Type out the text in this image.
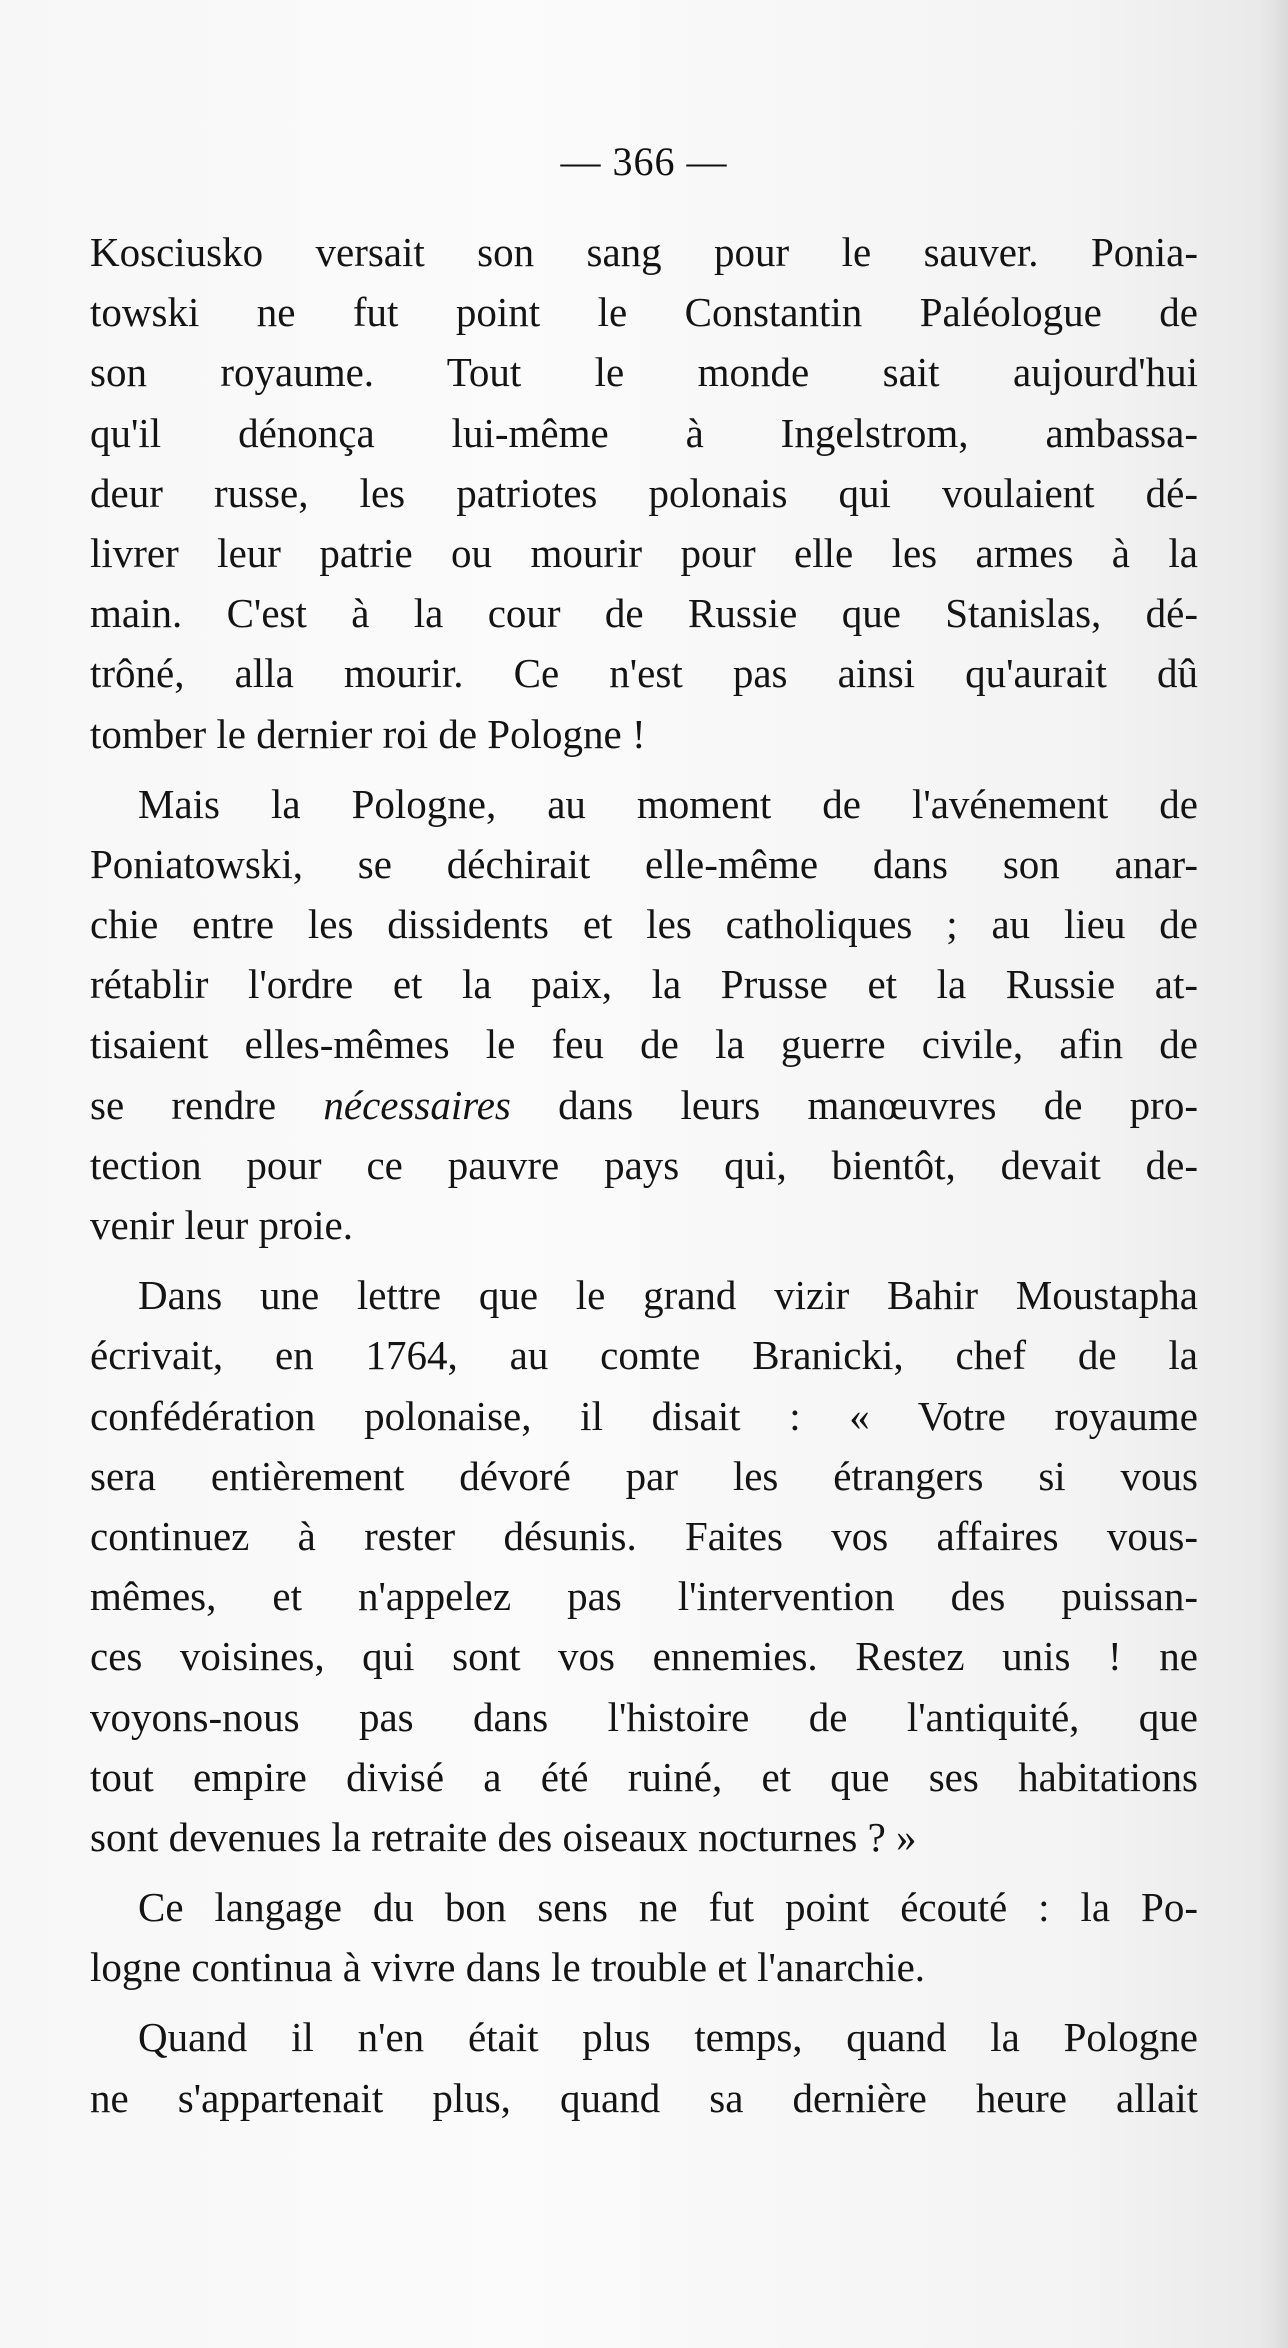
— 366 —
Kosciusko versait son sang pour le sauver. Ponia-
towski ne fut point le Constantin Paléologue de
son royaume. Tout le monde sait aujourd'hui
qu'il dénonça lui-même à Ingelstrom, ambassa-
deur russe, les patriotes polonais qui voulaient dé-
livrer leur patrie ou mourir pour elle les armes à la
main. C'est à la cour de Russie que Stanislas, dé-
trôné, alla mourir. Ce n'est pas ainsi qu'aurait dû
tomber le dernier roi de Pologne !
Mais la Pologne, au moment de l'avénement de
Poniatowski, se déchirait elle-même dans son anar-
chie entre les dissidents et les catholiques ; au lieu de
rétablir l'ordre et la paix, la Prusse et la Russie at-
tisaient elles-mêmes le feu de la guerre civile, afin de
se rendre nécessaires dans leurs manœuvres de pro-
tection pour ce pauvre pays qui, bientôt, devait de-
venir leur proie.
Dans une lettre que le grand vizir Bahir Moustapha
écrivait, en 1764, au comte Branicki, chef de la
confédération polonaise, il disait : « Votre royaume
sera entièrement dévoré par les étrangers si vous
continuez à rester désunis. Faites vos affaires vous-
mêmes, et n'appelez pas l'intervention des puissan-
ces voisines, qui sont vos ennemies. Restez unis ! ne
voyons-nous pas dans l'histoire de l'antiquité, que
tout empire divisé a été ruiné, et que ses habitations
sont devenues la retraite des oiseaux nocturnes ? »
Ce langage du bon sens ne fut point écouté : la Po-
logne continua à vivre dans le trouble et l'anarchie.
Quand il n'en était plus temps, quand la Pologne
ne s'appartenait plus, quand sa dernière heure allait
